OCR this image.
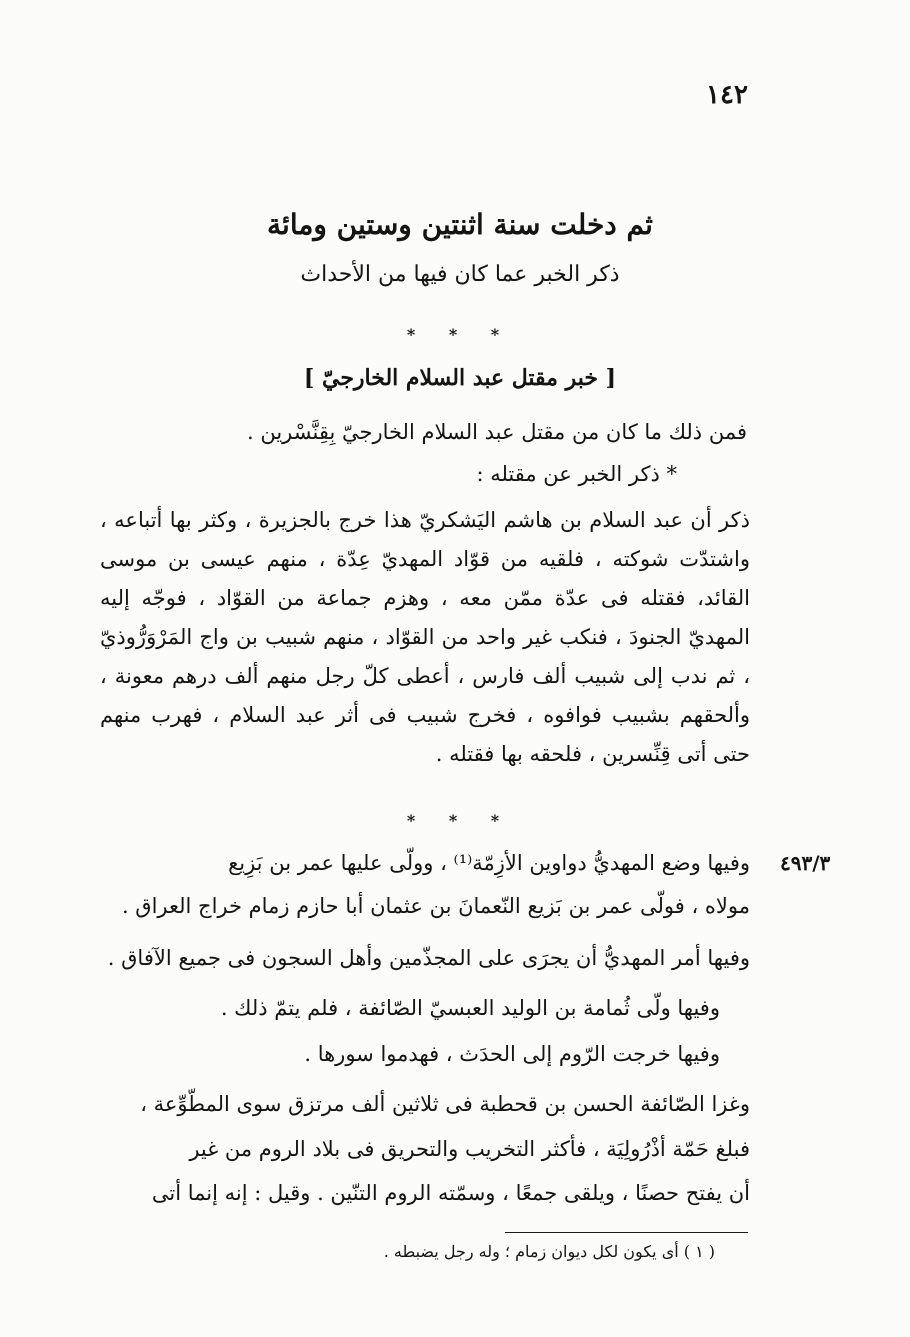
١٤٢
ثم دخلت سنة اثنتين وستين ومائة
ذكر الخبر عما كان فيها من الأحداث
* * *
[ خبر مقتل عبد السلام الخارجيّ ]
فمن ذلك ما كان من مقتل عبد السلام الخارجيّ بِقِنَّسْرين .
* ذكر الخبر عن مقتله :
ذكر أن عبد السلام بن هاشم اليَشكريّ هذا خرج بالجزيرة ، وكثر بها أتباعه ، واشتدّت شوكته ، فلقيه من قوّاد المهديّ عِدّة ، منهم عيسى بن موسى القائد، فقتله فى عدّة ممّن معه ، وهزم جماعة من القوّاد ، فوجّه إليه المهديّ الجنودَ ، فنكب غير واحد من القوّاد ، منهم شبيب بن واج المَرْوَرُّوذيّ ، ثم ندب إلى شبيب ألف فارس ، أعطى كلّ رجل منهم ألف درهم معونة ، وألحقهم بشبيب فوافوه ، فخرج شبيب فى أثر عبد السلام ، فهرب منهم حتى أتى قِنِّسرين ، فلحقه بها فقتله .
* * *
٤٩٣/٣
وفيها وضع المهديُّ دواوين الأزِمّة⁽¹⁾ ، وولّى عليها عمر بن بَزِيع
مولاه ، فولّى عمر بن بَزيع النّعمانَ بن عثمان أبا حازم زمام خراج العراق .
وفيها أمر المهديُّ أن يجرَى على المجذّمين وأهل السجون فى جميع الآفاق .
وفيها ولّى ثُمامة بن الوليد العبسيّ الصّائفة ، فلم يتمّ ذلك .
وفيها خرجت الرّوم إلى الحدَث ، فهدموا سورها .
وغزا الصّائفة الحسن بن قحطبة فى ثلاثين ألف مرتزق سوى المطّوِّعة ،
فبلغ حَمّة أذْرُولِيَة ، فأكثر التخريب والتحريق فى بلاد الروم من غير
أن يفتح حصنًا ، ويلقى جمعًا ، وسمّته الروم التنّين . وقيل : إنه إنما أتى
( ١ ) أى يكون لكل ديوان زمام ؛ وله رجل يضبطه .
